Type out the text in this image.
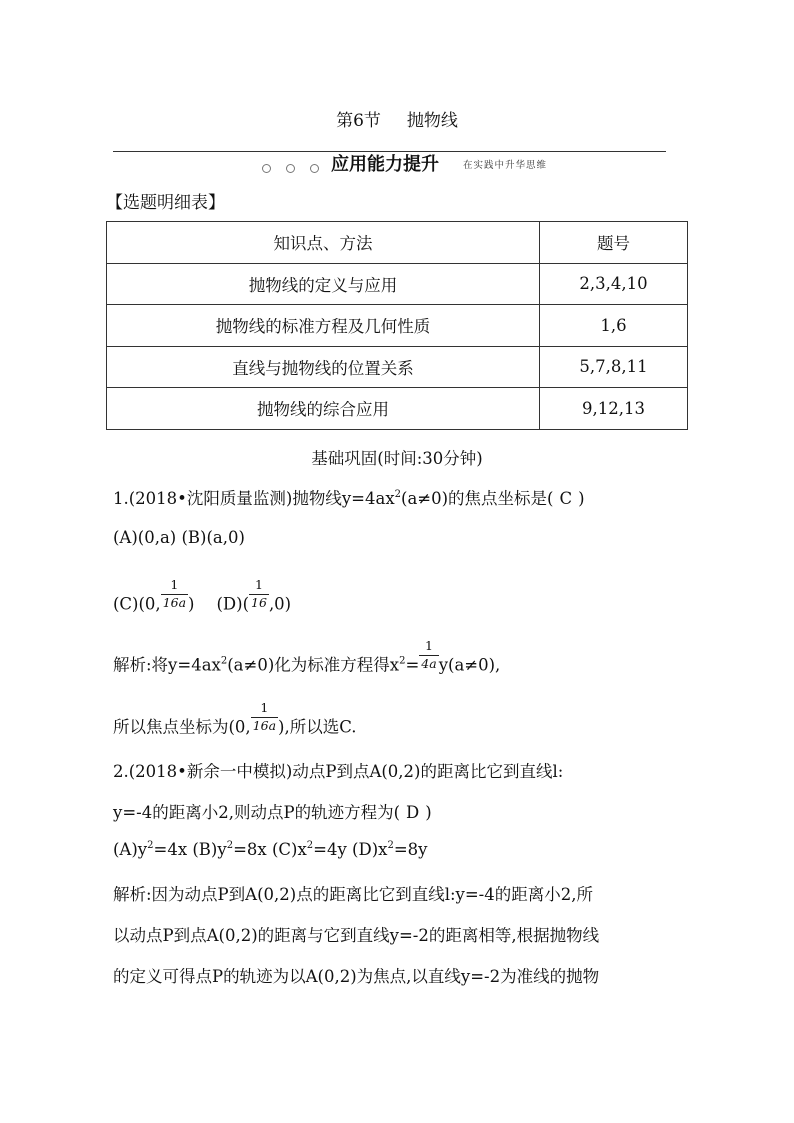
第6节 抛物线
应用能力提升	在实践中升华思维
【选题明细表】
知识点、方法	题号
抛物线的定义与应用	2,3,4,10
抛物线的标准方程及几何性质	1,6
直线与抛物线的位置关系	5,7,8,11
抛物线的综合应用	9,12,13
基础巩固(时间:30分钟)
1.(2018•沈阳质量监测)抛物线$y=4ax^2(a\ne 0)$的焦点坐标是( C )
(A)(0,a) (B)(a,0)
(C)(0, $\frac{1}{16a}$ ) $(D)( \frac{1}{16} ,0)$
解析:将$y=4ax^2(a\ne 0)$化为标准方程得$x^2= \frac{1}{4a} y(a\ne 0)$,
所以焦点坐标为(0, $\frac{1}{16a}$ ),所以选C.
2.(2018•新余一中模拟)动点P到点A(0,2)的距离比它到直线l:
y=-4的距离小2,则动点P的轨迹方程为( D )
$(A)y^2=4x$ $(B)y^2=8x$ $(C)x^2=4y$ $(D)x^2=8y$
解析:因为动点P到A(0,2)点的距离比它到直线l:y=-4的距离小2,所
以动点P到点A(0,2)的距离与它到直线y=-2的距离相等,根据抛物线
的定义可得点P的轨迹为以A(0,2)为焦点,以直线y=-2为准线的抛物
